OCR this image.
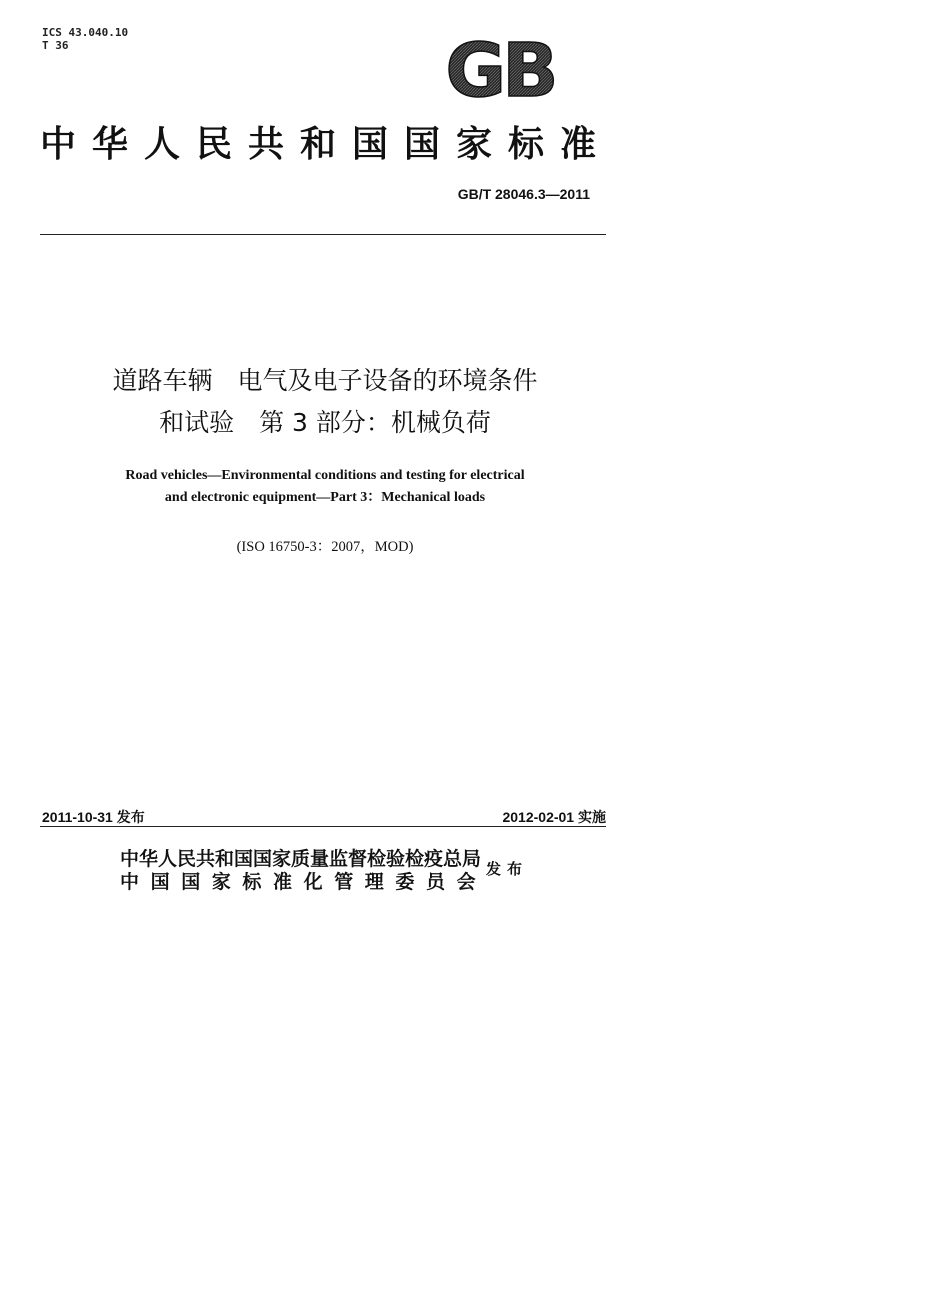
ICS 43.040.10
T 36	GB
中华人民共和国国家标准
GB/T 28046.3—2011
道路车辆　电气及电子设备的环境条件
和试验　第 3 部分：机械负荷
Road vehicles—Environmental conditions and testing for electrical
and electronic equipment—Part 3：Mechanical loads
(ISO 16750-3：2007，MOD)
2011-10-31 发布	2012-02-01 实施
中华人民共和国国家质量监督检验检疫总局
中国国家标准化管理委员会
发布
